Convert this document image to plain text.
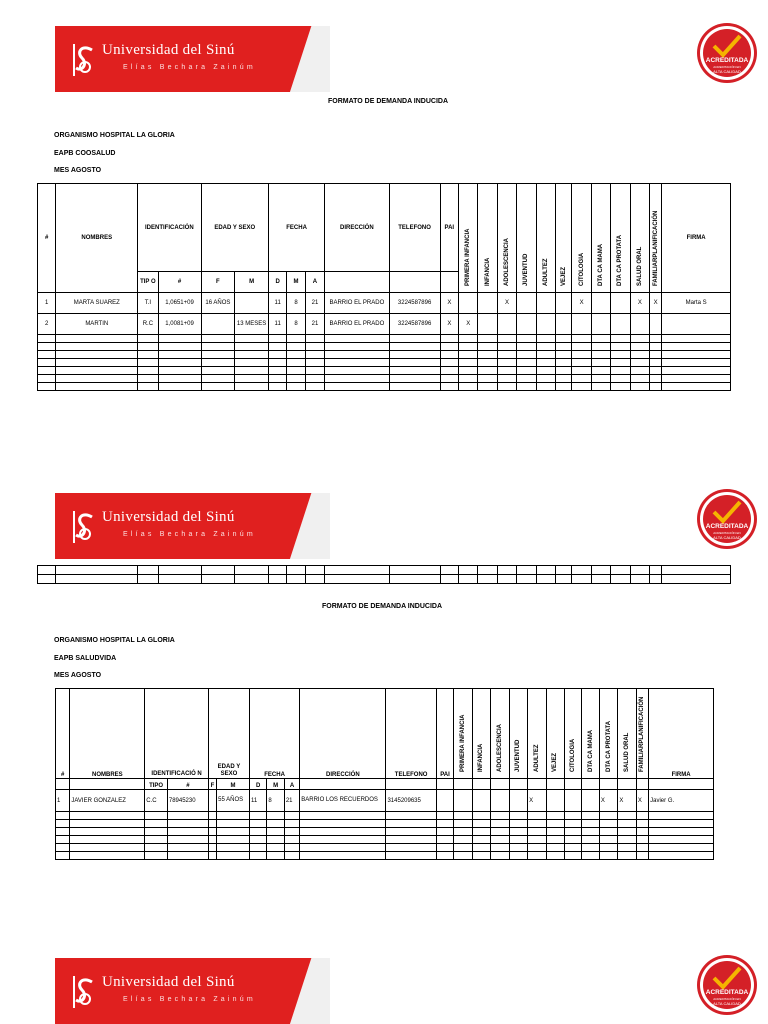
Universidad del Sinú
Elías Bechara Zainúm
ACREDITADA
ACREDITACIÓN EN
ALTA CALIDAD
FORMATO DE DEMANDA INDUCIDA
ORGANISMO HOSPITAL LA GLORIA
EAPB COOSALUD
MES AGOSTO
#	NOMBRES	IDENTIFICACIÓN		EDAD Y SEXO		FECHA			DIRECCIÓN	TELEFONO	PAI	PRIMERA INFANCIA	INFANCIA	ADOLESCENCIA	JUVENTUD	ADULTEZ	VEJEZ	CITOLOGIA	DTA CA MAMA	DTA CA PROTATA	SALUD ORAL	FAMILIARPLANIFICACIÓN	FIRMA
		TIP O	#	F	M	D	M	A															
1	MARTA SUAREZ	T.I	1,0651+09	16 AÑOS		11	8	21	BARRIO EL PRADO	3224587896	X			X				X			X	X	Marta S
2	MARTIN	R.C	1,0081+09		13 MESES	11	8	21	BARRIO EL PRADO	3224587896	X	X											

Universidad del Sinú
Elías Bechara Zainúm
ACREDITADA
ACREDITACIÓN EN
ALTA CALIDAD

FORMATO DE DEMANDA INDUCIDA
ORGANISMO HOSPITAL LA GLORIA
EAPB SALUDVIDA
MES AGOSTO
#	NOMBRES	IDENTIFICACIÓ N		EDAD Y SEXO		FECHA			DIRECCIÓN	TELEFONO	PAI	PRIMERA INFANCIA	INFANCIA	ADOLESCENCIA	JUVENTUD	ADULTEZ	VEJEZ	CITOLOGIA	DTA CA MAMA	DTA CA PROTATA	SALUD ORAL	FAMILIARPLANIFICACIÓN	FIRMA
		TIPO	#	F	M	D	M	A															
1	JAVIER GONZALEZ	C.C	78945230		55 AÑOS	11	8	21	BARRIO LOS RECUERDOS	3145209635						X				X	X	X	Javier G.

Universidad del Sinú
Elías Bechara Zainúm
ACREDITADA
ACREDITACIÓN EN
ALTA CALIDAD
